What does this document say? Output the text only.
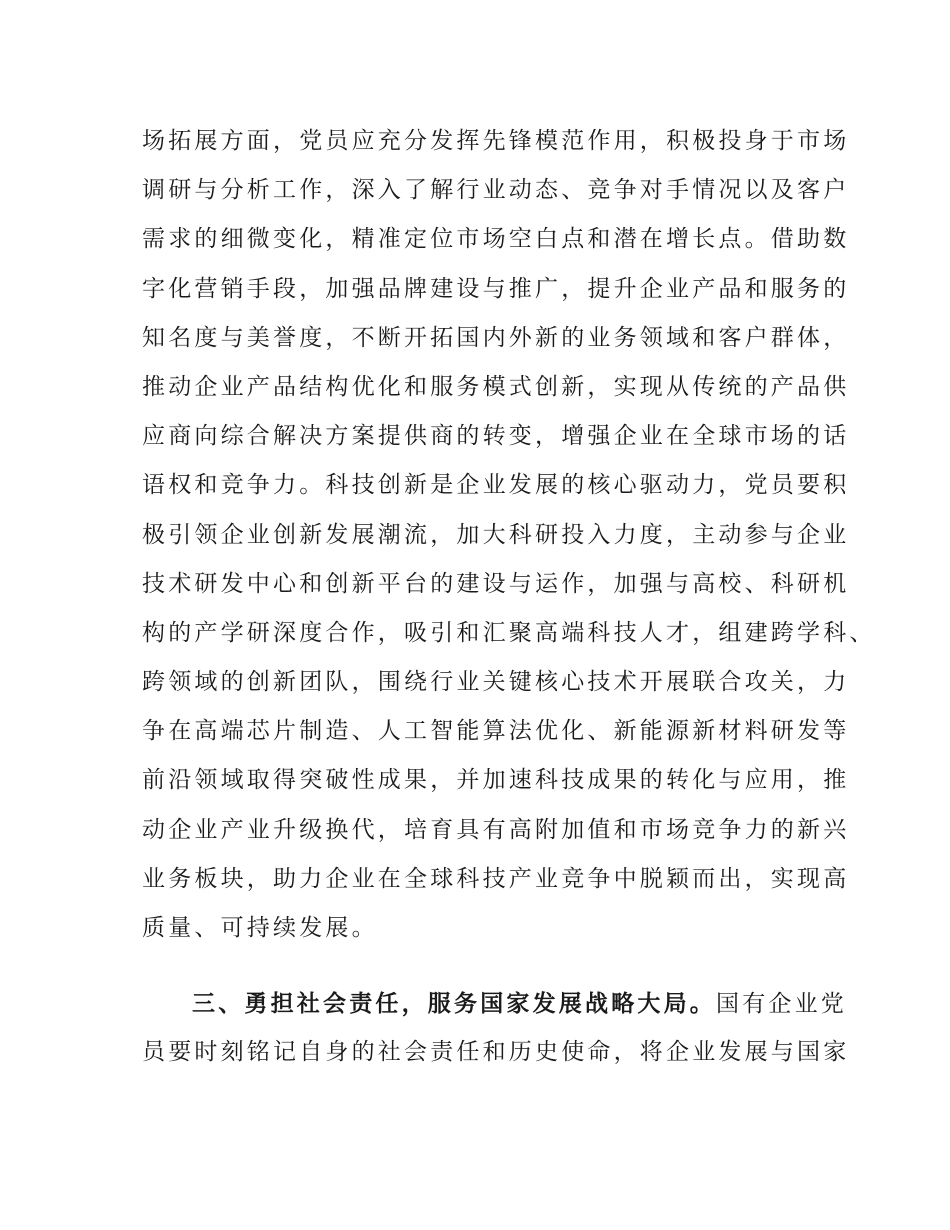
场拓展方面，党员应充分发挥先锋模范作用，积极投身于市场
调研与分析工作，深入了解行业动态、竞争对手情况以及客户
需求的细微变化，精准定位市场空白点和潜在增长点。借助数
字化营销手段，加强品牌建设与推广，提升企业产品和服务的
知名度与美誉度，不断开拓国内外新的业务领域和客户群体，
推动企业产品结构优化和服务模式创新，实现从传统的产品供
应商向综合解决方案提供商的转变，增强企业在全球市场的话
语权和竞争力。科技创新是企业发展的核心驱动力，党员要积
极引领企业创新发展潮流，加大科研投入力度，主动参与企业
技术研发中心和创新平台的建设与运作，加强与高校、科研机
构的产学研深度合作，吸引和汇聚高端科技人才，组建跨学科、
跨领域的创新团队，围绕行业关键核心技术开展联合攻关，力
争在高端芯片制造、人工智能算法优化、新能源新材料研发等
前沿领域取得突破性成果，并加速科技成果的转化与应用，推
动企业产业升级换代，培育具有高附加值和市场竞争力的新兴
业务板块，助力企业在全球科技产业竞争中脱颖而出，实现高
质量、可持续发展。
三、勇担社会责任，服务国家发展战略大局。国有企业党
员要时刻铭记自身的社会责任和历史使命，将企业发展与国家
